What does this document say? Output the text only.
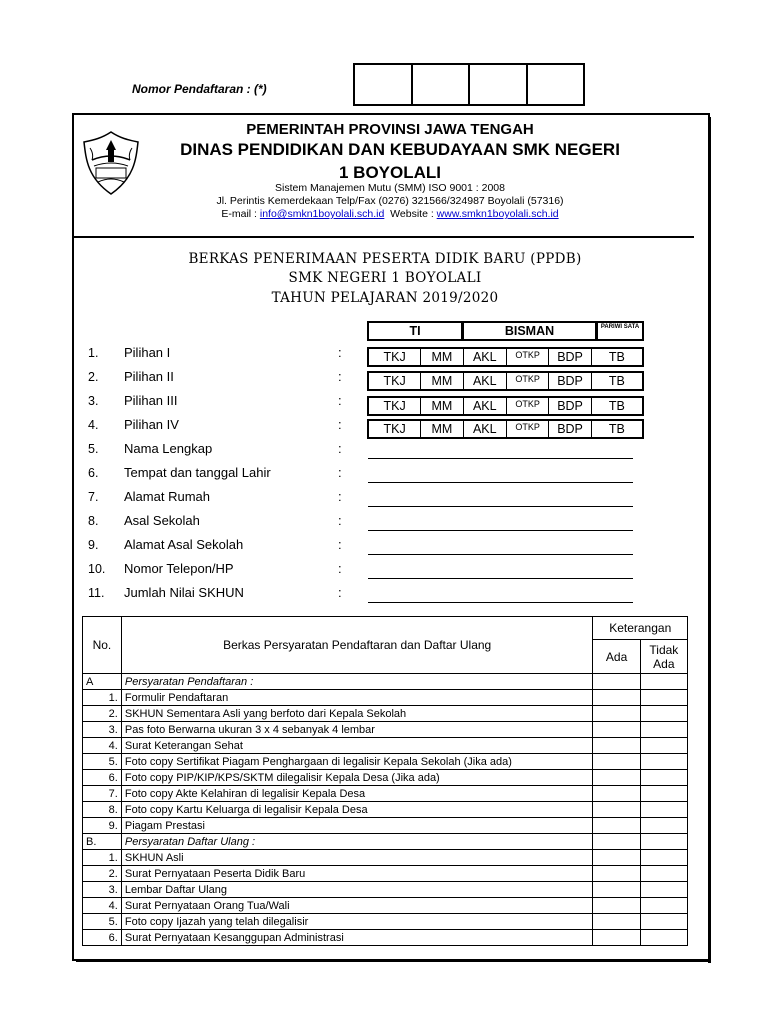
Nomor Pendaftaran : (*)
PEMERINTAH PROVINSI JAWA TENGAH
DINAS PENDIDIKAN DAN KEBUDAYAAN SMK NEGERI
1 BOYOLALI
Sistem Manajemen Mutu (SMM) ISO 9001 : 2008
Jl. Perintis Kemerdekaan Telp/Fax (0276) 321566/324987 Boyolali (57316)
E-mail : info@smkn1boyolali.sch.id  Website : www.smkn1boyolali.sch.id
BERKAS PENERIMAAN PESERTA DIDIK BARU (PPDB)
SMK NEGERI 1 BOYOLALI
TAHUN PELAJARAN 2019/2020
TI	BISMAN	PARIWI SATA
TKJ	MM	AKL	OTKP	BDP	TB
TKJ	MM	AKL	OTKP	BDP	TB
TKJ	MM	AKL	OTKP	BDP	TB
TKJ	MM	AKL	OTKP	BDP	TB
1. Pilihan I	:
2. Pilihan II	:
3. Pilihan III	:
4. Pilihan IV	:
5. Nama Lengkap	:
6. Tempat dan tanggal Lahir	:
7. Alamat Rumah	:
8. Asal Sekolah	:
9. Alamat Asal Sekolah	:
10. Nomor Telepon/HP	:
11. Jumlah Nilai SKHUN	:
No.	Berkas Persyaratan Pendaftaran dan Daftar Ulang	Keterangan	
		Ada	Tidak Ada
A	Persyaratan Pendaftaran :		
1.	Formulir Pendaftaran		
2.	SKHUN Sementara Asli yang berfoto dari Kepala Sekolah		
3.	Pas foto Berwarna ukuran 3 x 4 sebanyak 4 lembar		
4.	Surat Keterangan Sehat		
5.	Foto copy Sertifikat Piagam Penghargaan di legalisir Kepala Sekolah (Jika ada)		
6.	Foto copy PIP/KIP/KPS/SKTM dilegalisir Kepala Desa (Jika ada)		
7.	Foto copy Akte Kelahiran di legalisir Kepala Desa		
8.	Foto copy Kartu Keluarga di legalisir Kepala Desa		
9.	Piagam Prestasi		
B.	Persyaratan Daftar Ulang :		
1.	SKHUN Asli		
2.	Surat Pernyataan Peserta Didik Baru		
3.	Lembar Daftar Ulang		
4.	Surat Pernyataan Orang Tua/Wali		
5.	Foto copy Ijazah yang telah dilegalisir		
6.	Surat Pernyataan Kesanggupan Administrasi		
